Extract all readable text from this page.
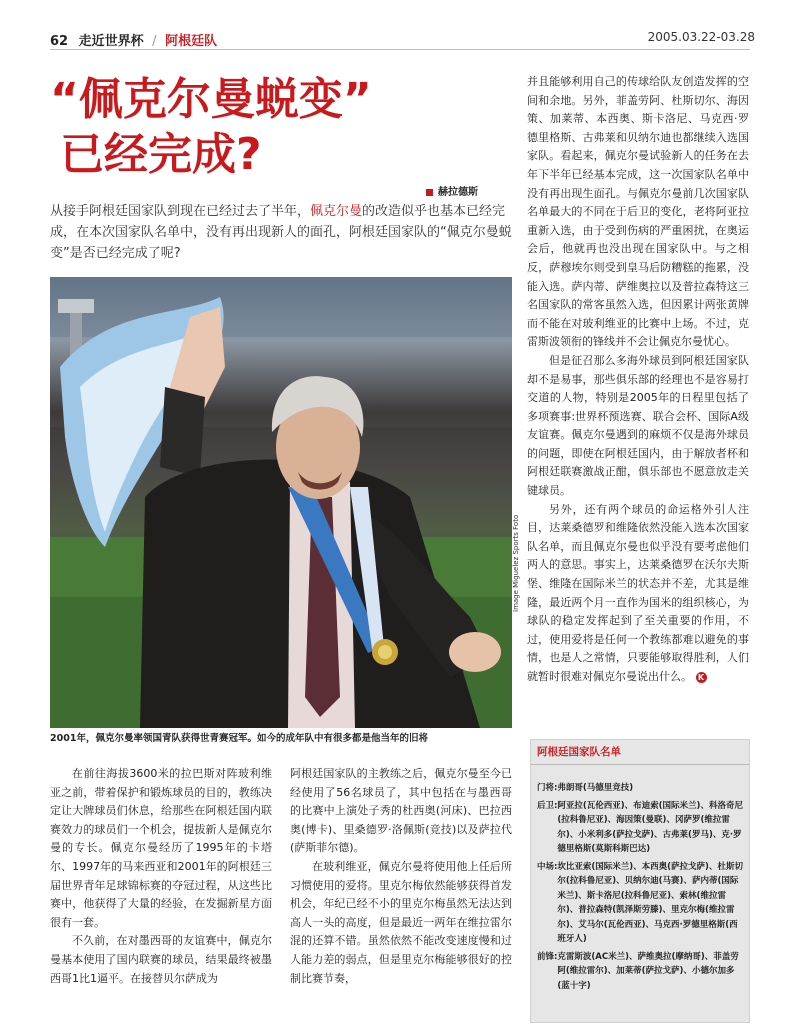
62 走近世界杯 / 阿根廷队	2005.03.22-03.28
“佩克尔曼蜕变”
已经完成?
赫拉德斯
从接手阿根廷国家队到现在已经过去了半年，佩克尔曼的改造似乎也基本已经完成，在本次国家队名单中，没有再出现新人的面孔，阿根廷国家队的“佩克尔曼蜕变”是否已经完成了呢?
Image Miguelez Sports Foto
2001年，佩克尔曼率领国青队获得世青赛冠军。如今的成年队中有很多都是他当年的旧将

并且能够利用自己的传球给队友创造发挥的空间和余地。另外，菲盖劳阿、杜斯切尔、海因策、加莱蒂、本西奥、斯卡洛尼、马克西·罗德里格斯、古弗莱和贝纳尔迪也都继续入选国家队。看起来，佩克尔曼试验新人的任务在去年下半年已经基本完成，这一次国家队名单中没有再出现生面孔。与佩克尔曼前几次国家队名单最大的不同在于后卫的变化，老将阿亚拉重新入选，由于受到伤病的严重困扰，在奥运会后，他就再也没出现在国家队中。与之相反，萨穆埃尔则受到皇马后防糟糕的拖累，没能入选。萨内蒂、萨维奥拉以及普拉森特这三名国家队的常客虽然入选，但因累计两张黄牌而不能在对玻利维亚的比赛中上场。不过，克雷斯波领衔的锋线并不会让佩克尔曼忧心。

但是征召那么多海外球员到阿根廷国家队却不是易事，那些俱乐部的经理也不是容易打交道的人物，特别是2005年的日程里包括了多项赛事:世界杯预选赛、联合会杯、国际A级友谊赛。佩克尔曼遇到的麻烦不仅是海外球员的问题，即使在阿根廷国内，由于解放者杯和阿根廷联赛激战正酣，俱乐部也不愿意放走关键球员。

另外，还有两个球员的命运格外引人注目，达莱桑德罗和维隆依然没能入选本次国家队名单，而且佩克尔曼也似乎没有要考虑他们两人的意思。事实上，达莱桑德罗在沃尔夫斯堡、维隆在国际米兰的状态并不差，尤其是维隆，最近两个月一直作为国米的组织核心，为球队的稳定发挥起到了至关重要的作用，不过，使用爱将是任何一个教练都难以避免的事情，也是人之常情，只要能够取得胜利，人们就暂时很难对佩克尔曼说出什么。 K

在前往海拔3600米的拉巴斯对阵玻利维亚之前，带着保护和锻炼球员的目的，教练决定让大牌球员们休息，给那些在阿根廷国内联赛效力的球员们一个机会，提拔新人是佩克尔曼的专长。佩克尔曼经历了1995年的卡塔尔、1997年的马来西亚和2001年的阿根廷三届世界青年足球锦标赛的夺冠过程，从这些比赛中，他获得了大量的经验，在发掘新星方面很有一套。

不久前，在对墨西哥的友谊赛中，佩克尔曼基本使用了国内联赛的球员，结果最终被墨西哥1比1逼平。在接替贝尔萨成为

阿根廷国家队的主教练之后，佩克尔曼至今已经使用了56名球员了，其中包括在与墨西哥的比赛中上演处子秀的杜西奥(河床)、巴拉西奥(博卡)、里桑德罗·洛佩斯(竞技)以及萨拉代(萨斯菲尔德)。

在玻利维亚，佩克尔曼将使用他上任后所习惯使用的爱将。里克尔梅依然能够获得首发机会，年纪已经不小的里克尔梅虽然无法达到高人一头的高度，但是最近一两年在维拉雷尔混的还算不错。虽然依然不能改变速度慢和过人能力差的弱点，但是里克尔梅能够很好的控制比赛节奏，

阿根廷国家队名单
门将: 弗朗哥(马德里竞技)
后卫: 阿亚拉(瓦伦西亚)、布迪索(国际米兰)、科洛奇尼(拉科鲁尼亚)、海因策(曼联)、冈萨罗(维拉雷尔)、小米利多(萨拉戈萨)、古弗莱(罗马)、克·罗德里格斯(莫斯科斯巴达)
中场: 坎比亚索(国际米兰)、本西奥(萨拉戈萨)、杜斯切尔(拉科鲁尼亚)、贝纳尔迪(马赛)、萨内蒂(国际米兰)、斯卡洛尼(拉科鲁尼亚)、索林(维拉雷尔)、普拉森特(凯泽斯劳滕)、里克尔梅(维拉雷尔)、艾马尔(瓦伦西亚)、马克西·罗德里格斯(西班牙人)
前锋: 克雷斯波(AC米兰)、萨维奥拉(摩纳哥)、菲盖劳阿(维拉雷尔)、加莱蒂(萨拉戈萨)、小德尔加多(蓝十字)
